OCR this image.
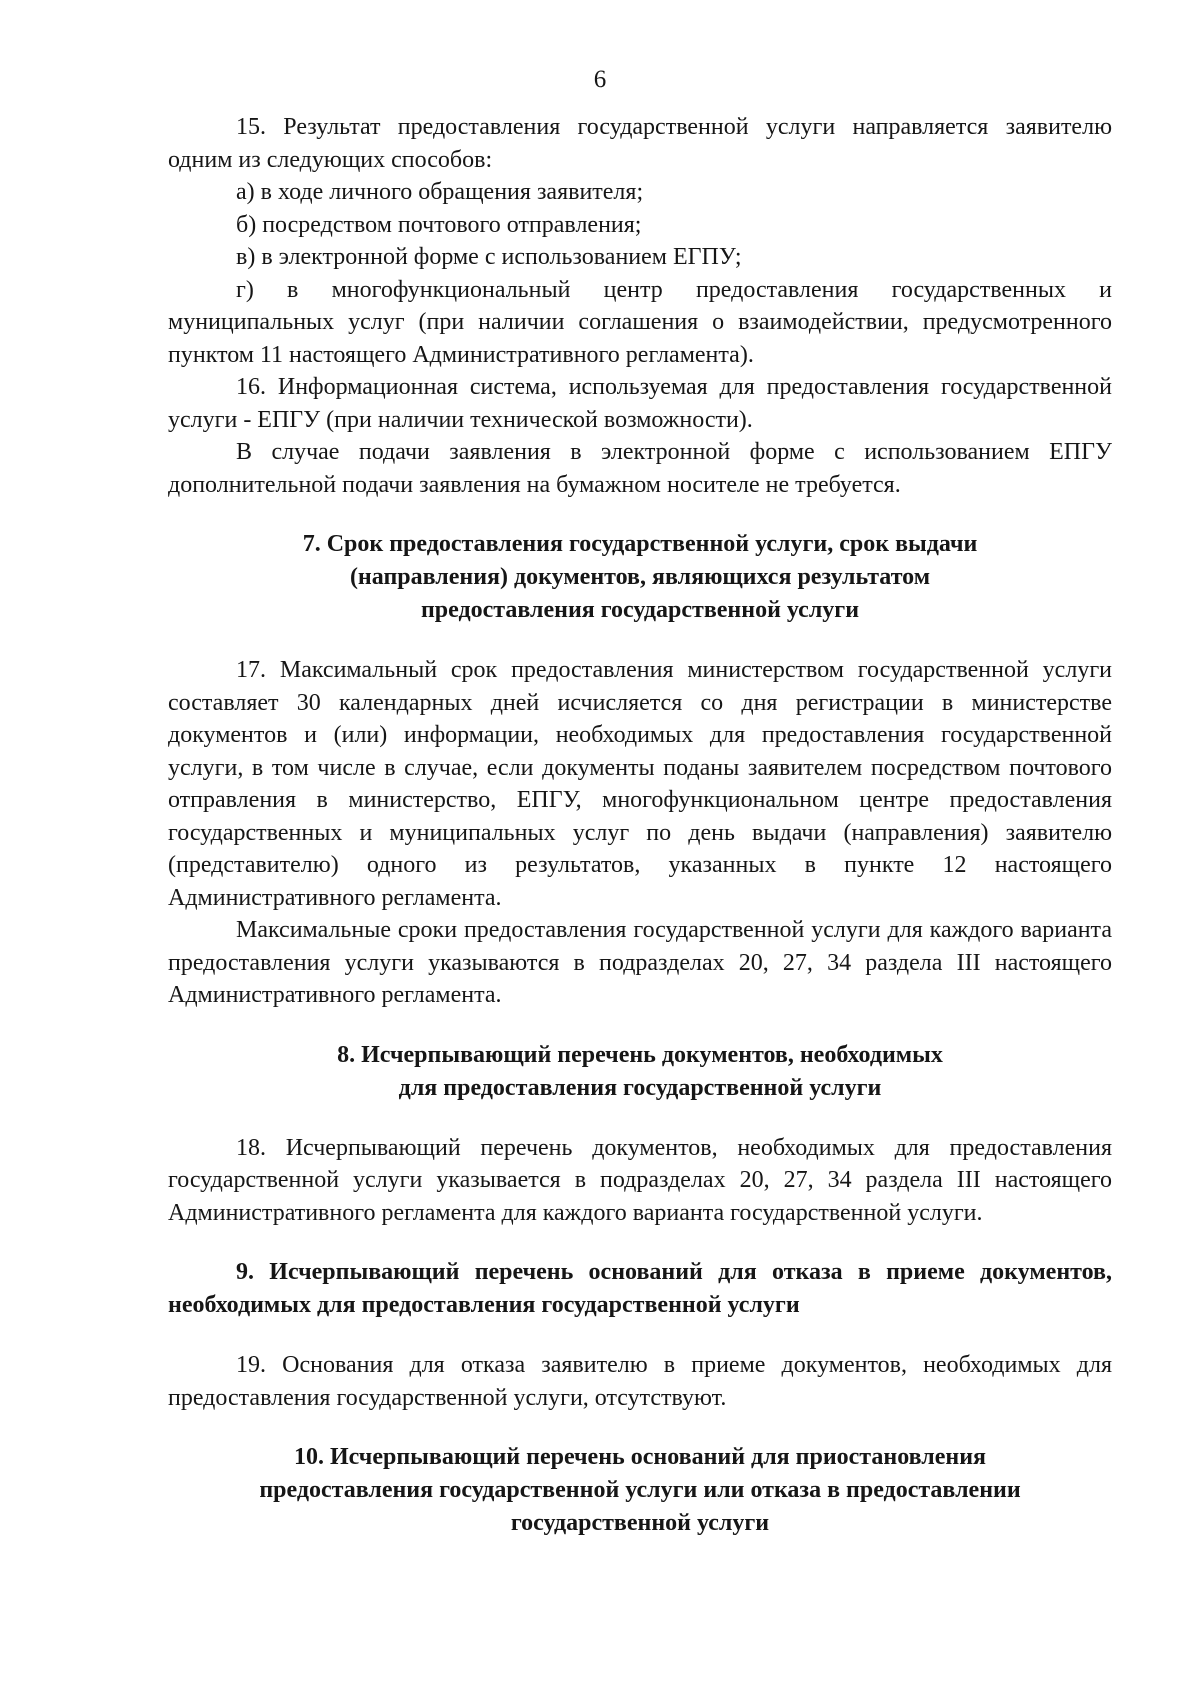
6

15. Результат предоставления государственной услуги направляется заявителю одним из следующих способов:

а) в ходе личного обращения заявителя;

б) посредством почтового отправления;

в) в электронной форме с использованием ЕГПУ;

г) в многофункциональный центр предоставления государственных и муниципальных услуг (при наличии соглашения о взаимодействии, предусмотренного пунктом 11 настоящего Административного регламента).

16. Информационная система, используемая для предоставления государственной услуги - ЕПГУ (при наличии технической возможности).

В случае подачи заявления в электронной форме с использованием ЕПГУ дополнительной подачи заявления на бумажном носителе не требуется.

7. Срок предоставления государственной услуги, срок выдачи
(направления) документов, являющихся результатом
предоставления государственной услуги

17. Максимальный срок предоставления министерством государственной услуги составляет 30 календарных дней исчисляется со дня регистрации в министерстве документов и (или) информации, необходимых для предоставления государственной услуги, в том числе в случае, если документы поданы заявителем посредством почтового отправления в министерство, ЕПГУ, многофункциональном центре предоставления государственных и муниципальных услуг по день выдачи (направления) заявителю (представителю) одного из результатов, указанных в пункте 12 настоящего Административного регламента.

Максимальные сроки предоставления государственной услуги для каждого варианта предоставления услуги указываются в подразделах 20, 27, 34 раздела III настоящего Административного регламента.

8. Исчерпывающий перечень документов, необходимых
для предоставления государственной услуги

18. Исчерпывающий перечень документов, необходимых для предоставления государственной услуги указывается в подразделах 20, 27, 34 раздела III настоящего Административного регламента для каждого варианта государственной услуги.

9. Исчерпывающий перечень оснований для отказа в приеме документов, необходимых для предоставления государственной услуги

19. Основания для отказа заявителю в приеме документов, необходимых для предоставления государственной услуги, отсутствуют.

10. Исчерпывающий перечень оснований для приостановления
предоставления государственной услуги или отказа в предоставлении
государственной услуги
